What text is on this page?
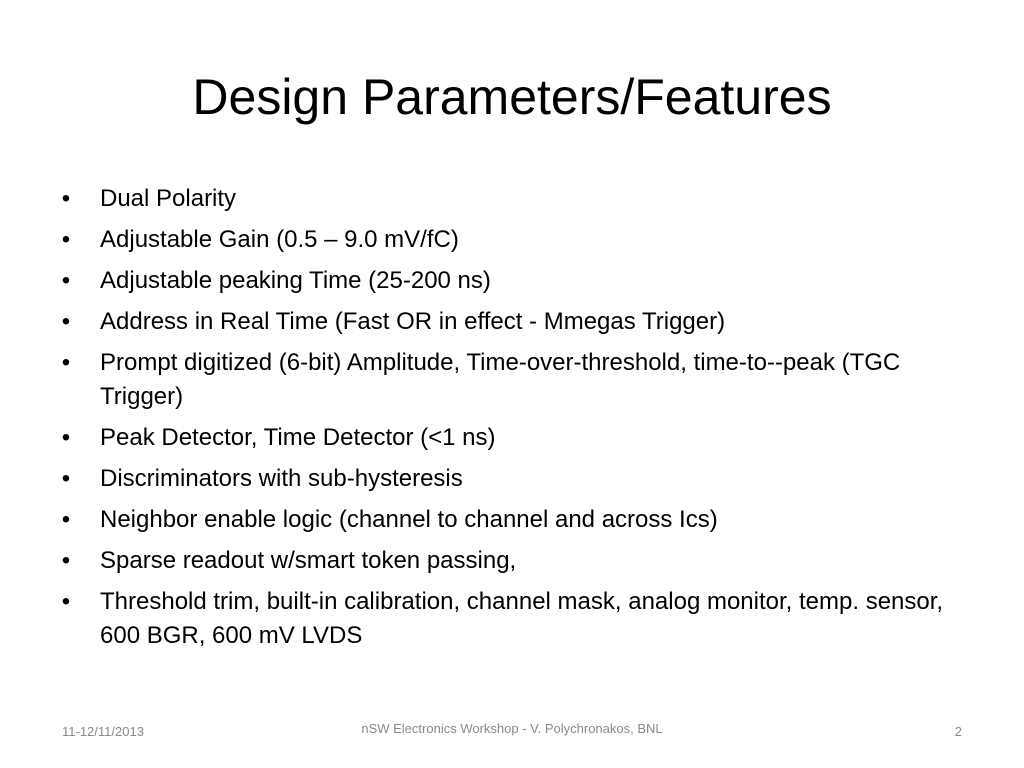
Design Parameters/Features
• Dual Polarity
• Adjustable Gain (0.5 – 9.0 mV/fC)
• Adjustable peaking Time (25-200 ns)
• Address in Real Time (Fast OR in effect - Mmegas Trigger)
• Prompt digitized (6-bit) Amplitude, Time-over-threshold, time-to--peak (TGC Trigger)
• Peak Detector, Time Detector (<1 ns)
• Discriminators with sub-hysteresis
• Neighbor enable logic (channel to channel and across Ics)
• Sparse readout w/smart token passing,
• Threshold trim, built-in calibration, channel mask, analog monitor, temp. sensor, 600 BGR, 600 mV LVDS
11-12/11/2013	nSW Electronics Workshop - V. Polychronakos, BNL	2
